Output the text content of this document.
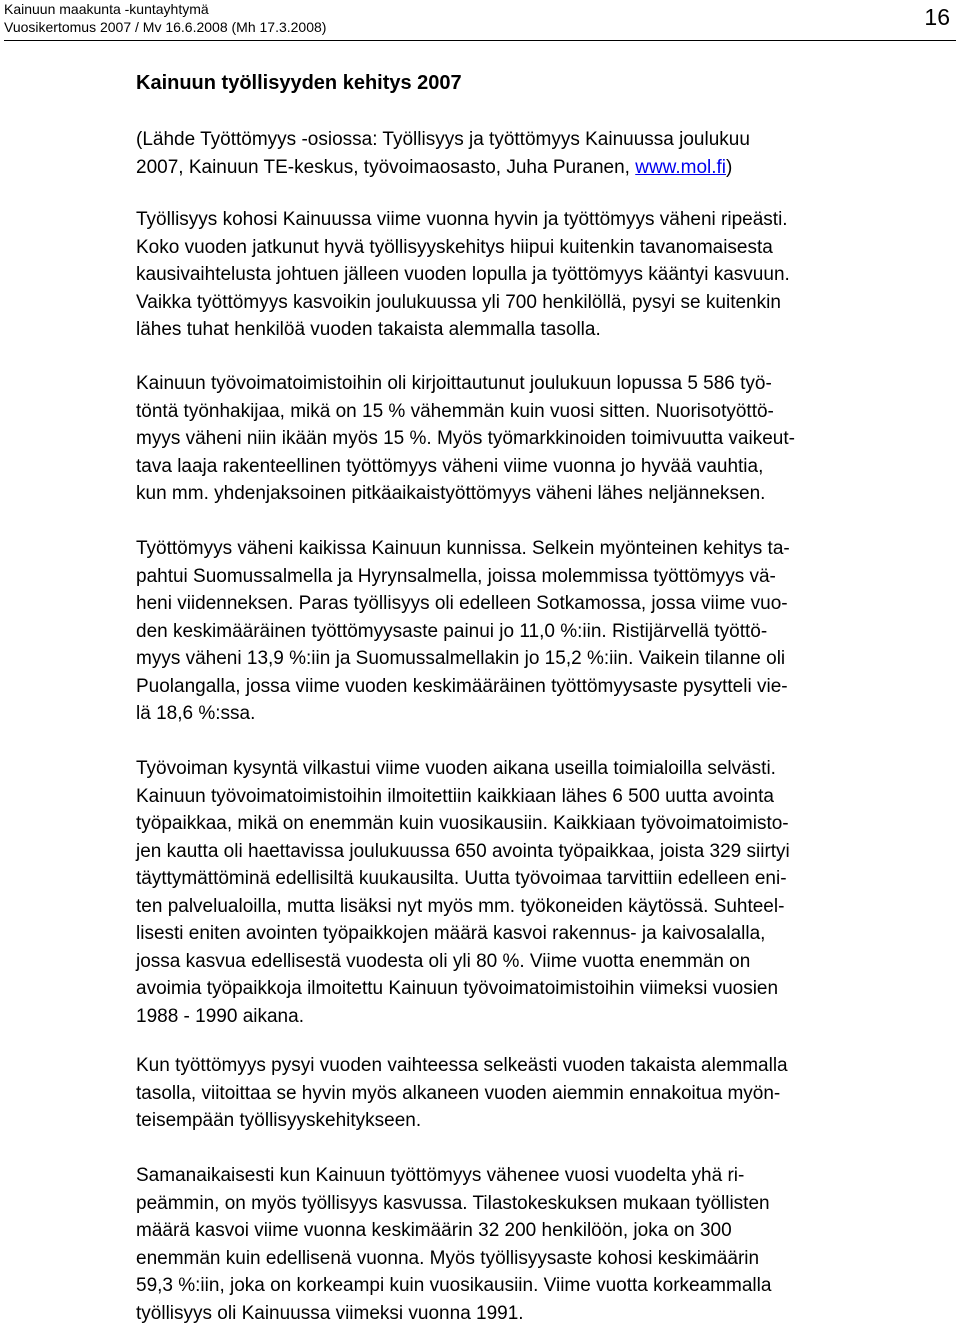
Kainuun maakunta -kuntayhtymä
Vuosikertomus 2007 / Mv 16.6.2008 (Mh 17.3.2008)	16
Kainuun työllisyyden kehitys 2007
(Lähde Työttömyys -osiossa: Työllisyys ja työttömyys Kainuussa joulukuu
2007, Kainuun TE-keskus, työvoimaosasto, Juha Puranen, www.mol.fi)
Työllisyys kohosi Kainuussa viime vuonna hyvin ja työttömyys väheni ripeästi.
Koko vuoden jatkunut hyvä työllisyyskehitys hiipui kuitenkin tavanomaisesta
kausivaihtelusta johtuen jälleen vuoden lopulla ja työttömyys kääntyi kasvuun.
Vaikka työttömyys kasvoikin joulukuussa yli 700 henkilöllä, pysyi se kuitenkin
lähes tuhat henkilöä vuoden takaista alemmalla tasolla.
Kainuun työvoimatoimistoihin oli kirjoittautunut joulukuun lopussa 5 586 työ-
töntä työnhakijaa, mikä on 15 % vähemmän kuin vuosi sitten. Nuorisotyöttö-
myys väheni niin ikään myös 15 %. Myös työmarkkinoiden toimivuutta vaikeut-
tava laaja rakenteellinen työttömyys väheni viime vuonna jo hyvää vauhtia,
kun mm. yhdenjaksoinen pitkäaikaistyöttömyys väheni lähes neljänneksen.
Työttömyys väheni kaikissa Kainuun kunnissa. Selkein myönteinen kehitys ta-
pahtui Suomussalmella ja Hyrynsalmella, joissa molemmissa työttömyys vä-
heni viidenneksen. Paras työllisyys oli edelleen Sotkamossa, jossa viime vuo-
den keskimääräinen työttömyysaste painui jo 11,0 %:iin. Ristijärvellä työttö-
myys väheni 13,9 %:iin ja Suomussalmellakin jo 15,2 %:iin. Vaikein tilanne oli
Puolangalla, jossa viime vuoden keskimääräinen työttömyysaste pysytteli vie-
lä 18,6 %:ssa.
Työvoiman kysyntä vilkastui viime vuoden aikana useilla toimialoilla selvästi.
Kainuun työvoimatoimistoihin ilmoitettiin kaikkiaan lähes 6 500 uutta avointa
työpaikkaa, mikä on enemmän kuin vuosikausiin. Kaikkiaan työvoimatoimisto-
jen kautta oli haettavissa joulukuussa 650 avointa työpaikkaa, joista 329 siirtyi
täyttymättöminä edellisiltä kuukausilta. Uutta työvoimaa tarvittiin edelleen eni-
ten palvelualoilla, mutta lisäksi nyt myös mm. työkoneiden käytössä. Suhteel-
lisesti eniten avointen työpaikkojen määrä kasvoi rakennus- ja kaivosalalla,
jossa kasvua edellisestä vuodesta oli yli 80 %. Viime vuotta enemmän on
avoimia työpaikkoja ilmoitettu Kainuun työvoimatoimistoihin viimeksi vuosien
1988 - 1990 aikana.
Kun työttömyys pysyi vuoden vaihteessa selkeästi vuoden takaista alemmalla
tasolla, viitoittaa se hyvin myös alkaneen vuoden aiemmin ennakoitua myön-
teisempään työllisyyskehitykseen.
Samanaikaisesti kun Kainuun työttömyys vähenee vuosi vuodelta yhä ri-
peämmin, on myös työllisyys kasvussa. Tilastokeskuksen mukaan työllisten
määrä kasvoi viime vuonna keskimäärin 32 200 henkilöön, joka on 300
enemmän kuin edellisenä vuonna. Myös työllisyysaste kohosi keskimäärin
59,3 %:iin, joka on korkeampi kuin vuosikausiin. Viime vuotta korkeammalla
työllisyys oli Kainuussa viimeksi vuonna 1991.
